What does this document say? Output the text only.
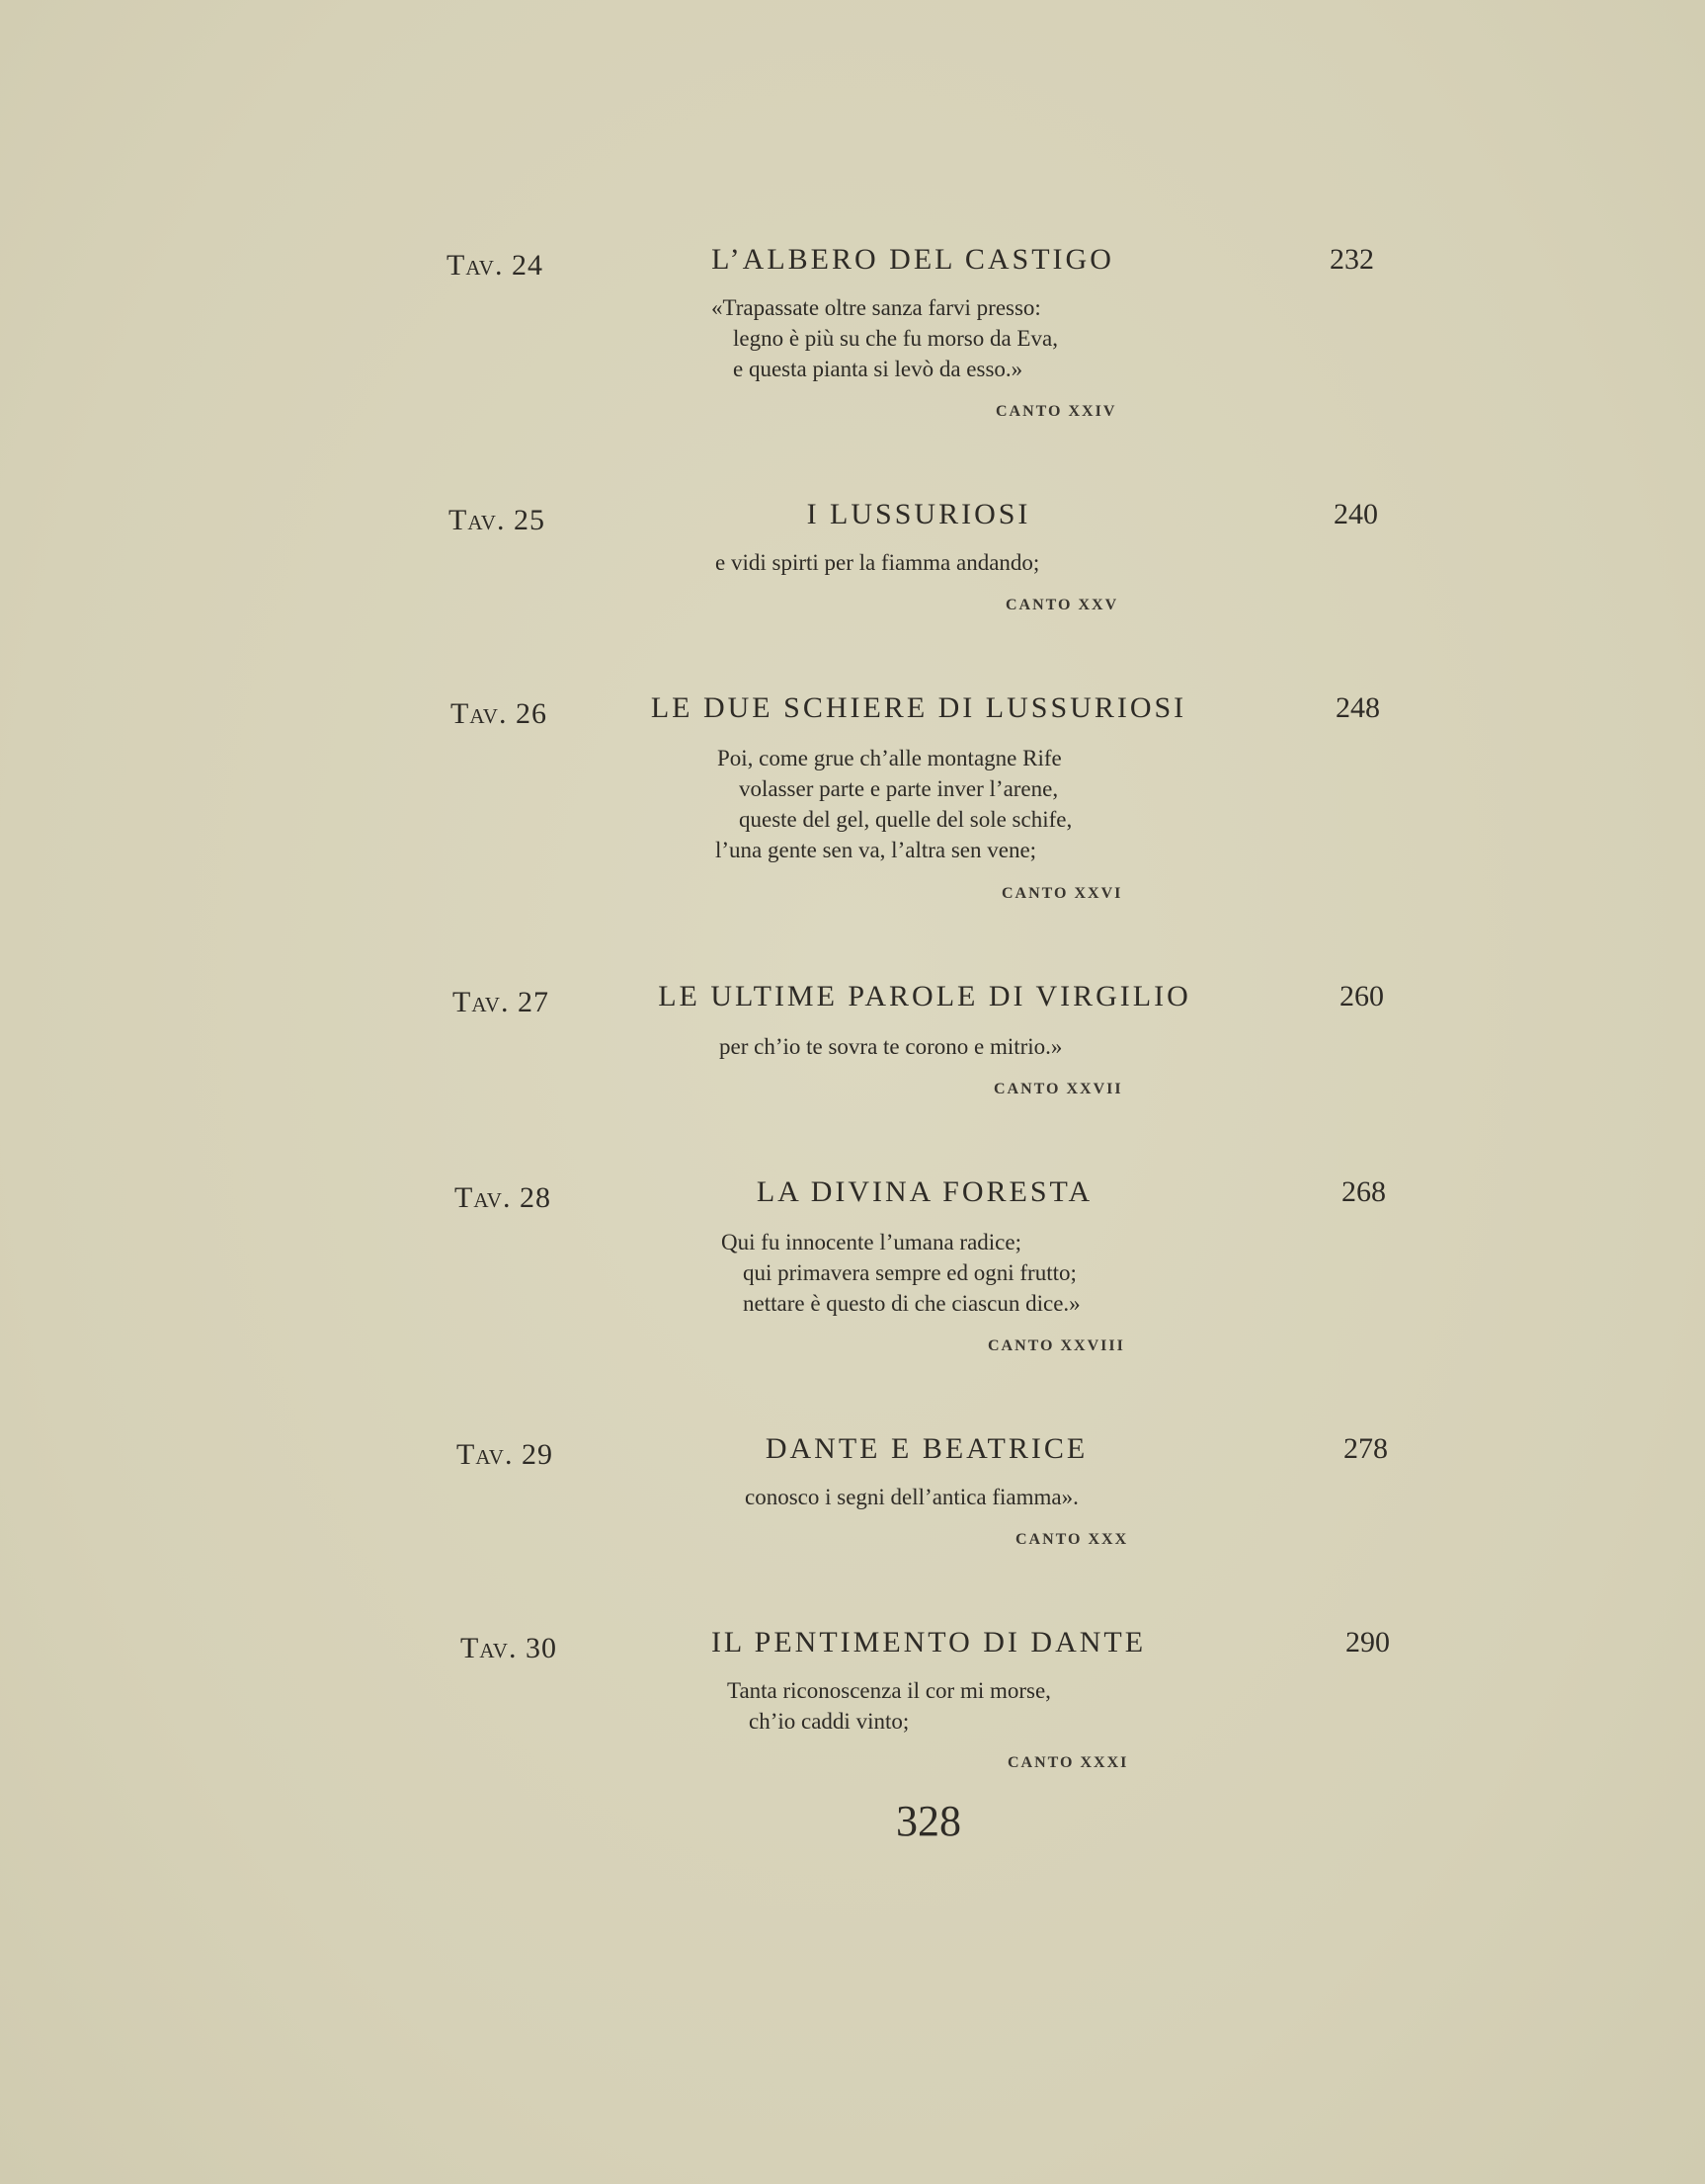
Tav. 24	L’ALBERO DEL CASTIGO	232
«Trapassate oltre sanza farvi presso:
legno è più su che fu morso da Eva,
e questa pianta si levò da esso.»
CANTO XXIV
Tav. 25	I LUSSURIOSI	240
e vidi spirti per la fiamma andando;
CANTO XXV
Tav. 26	LE DUE SCHIERE DI LUSSURIOSI	248
Poi, come grue ch’alle montagne Rife
volasser parte e parte inver l’arene,
queste del gel, quelle del sole schife,
l’una gente sen va, l’altra sen vene;
CANTO XXVI
Tav. 27	LE ULTIME PAROLE DI VIRGILIO	260
per ch’io te sovra te corono e mitrio.»
CANTO XXVII
Tav. 28	LA DIVINA FORESTA	268
Qui fu innocente l’umana radice;
qui primavera sempre ed ogni frutto;
nettare è questo di che ciascun dice.»
CANTO XXVIII
Tav. 29	DANTE E BEATRICE	278
conosco i segni dell’antica fiamma».
CANTO XXX
Tav. 30	IL PENTIMENTO DI DANTE	290
Tanta riconoscenza il cor mi morse,
ch’io caddi vinto;
CANTO XXXI
328
